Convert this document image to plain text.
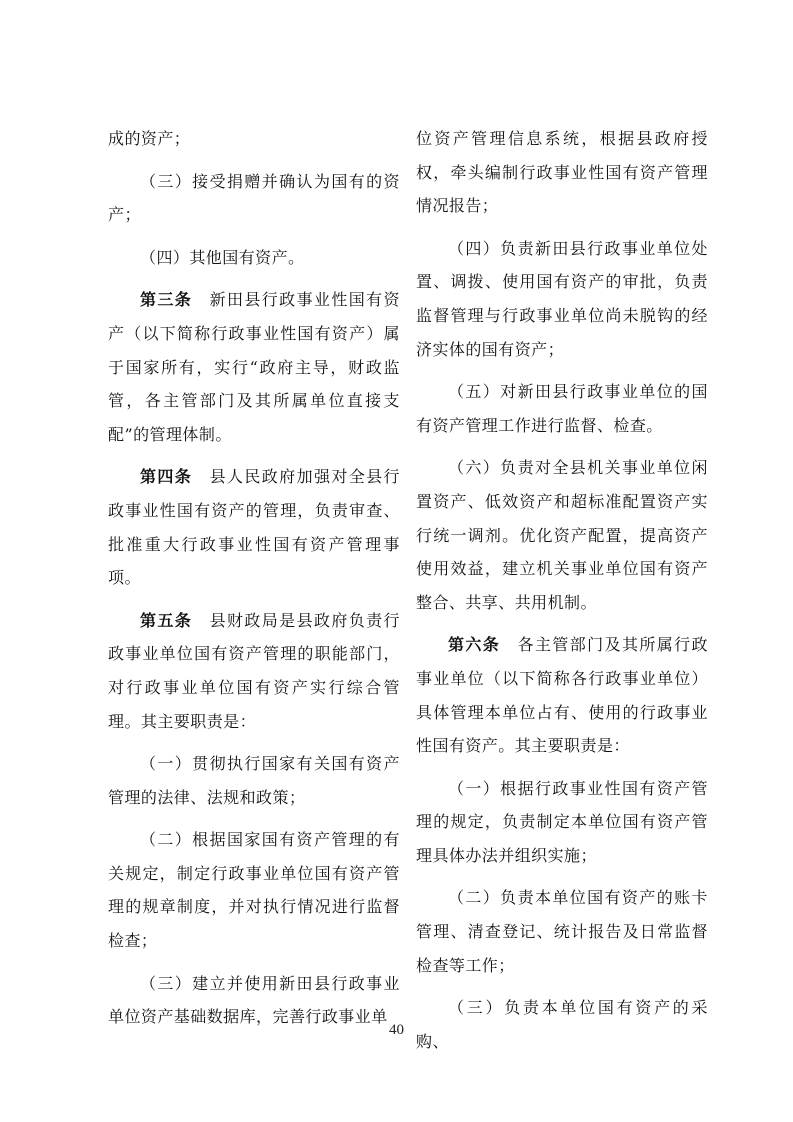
成的资产；

（三）接受捐赠并确认为国有的资产；

（四）其他国有资产。

第三条　 新田县行政事业性国有资产（以下简称行政事业性国有资产）属于国家所有，实行“政府主导，财政监管，各主管部门及其所属单位直接支配”的管理体制。

第四条　 县人民政府加强对全县行政事业性国有资产的管理，负责审查、批准重大行政事业性国有资产管理事项。

第五条　 县财政局是县政府负责行政事业单位国有资产管理的职能部门，对行政事业单位国有资产实行综合管理。其主要职责是：

（一）贯彻执行国家有关国有资产管理的法律、法规和政策；

（二）根据国家国有资产管理的有关规定，制定行政事业单位国有资产管理的规章制度，并对执行情况进行监督检查；

（三）建立并使用新田县行政事业单位资产基础数据库，完善行政事业单

位资产管理信息系统，根据县政府授权，牵头编制行政事业性国有资产管理情况报告；

（四）负责新田县行政事业单位处置、调拨、使用国有资产的审批，负责监督管理与行政事业单位尚未脱钩的经济实体的国有资产；

（五）对新田县行政事业单位的国有资产管理工作进行监督、检查。

（六）负责对全县机关事业单位闲置资产、低效资产和超标准配置资产实行统一调剂。优化资产配置，提高资产使用效益，建立机关事业单位国有资产整合、共享、共用机制。

第六条　 各主管部门及其所属行政事业单位（以下简称各行政事业单位）具体管理本单位占有、使用的行政事业性国有资产。其主要职责是：

（一）根据行政事业性国有资产管理的规定，负责制定本单位国有资产管理具体办法并组织实施；

（二）负责本单位国有资产的账卡管理、清查登记、统计报告及日常监督检查等工作；

（三）负责本单位国有资产的采购、

40
